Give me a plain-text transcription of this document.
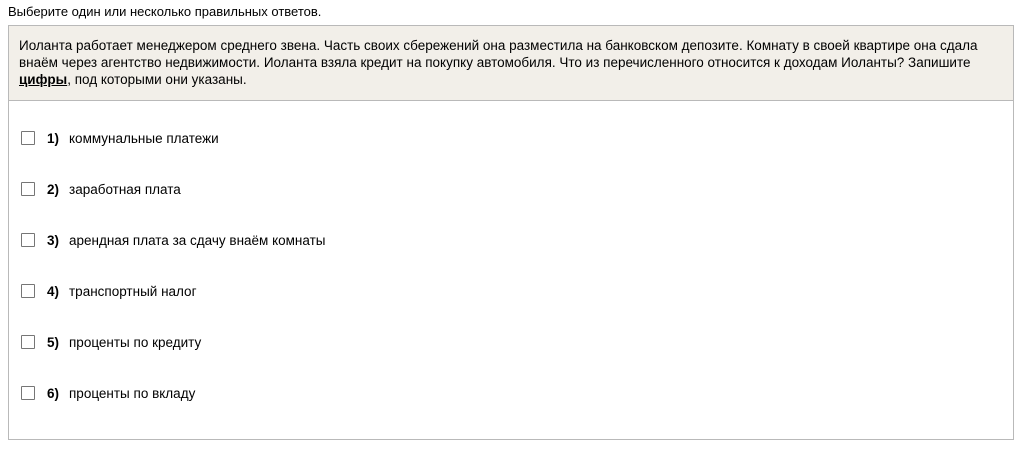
Выберите один или несколько правильных ответов.
Иоланта работает менеджером среднего звена. Часть своих сбережений она разместила на банковском депозите. Комнату в своей квартире она сдала внаём через агентство недвижимости. Иоланта взяла кредит на покупку автомобиля. Что из перечисленного относится к доходам Иоланты? Запишите цифры, под которыми они указаны.
1) коммунальные платежи
2) заработная плата
3) арендная плата за сдачу внаём комнаты
4) транспортный налог
5) проценты по кредиту
6) проценты по вкладу
